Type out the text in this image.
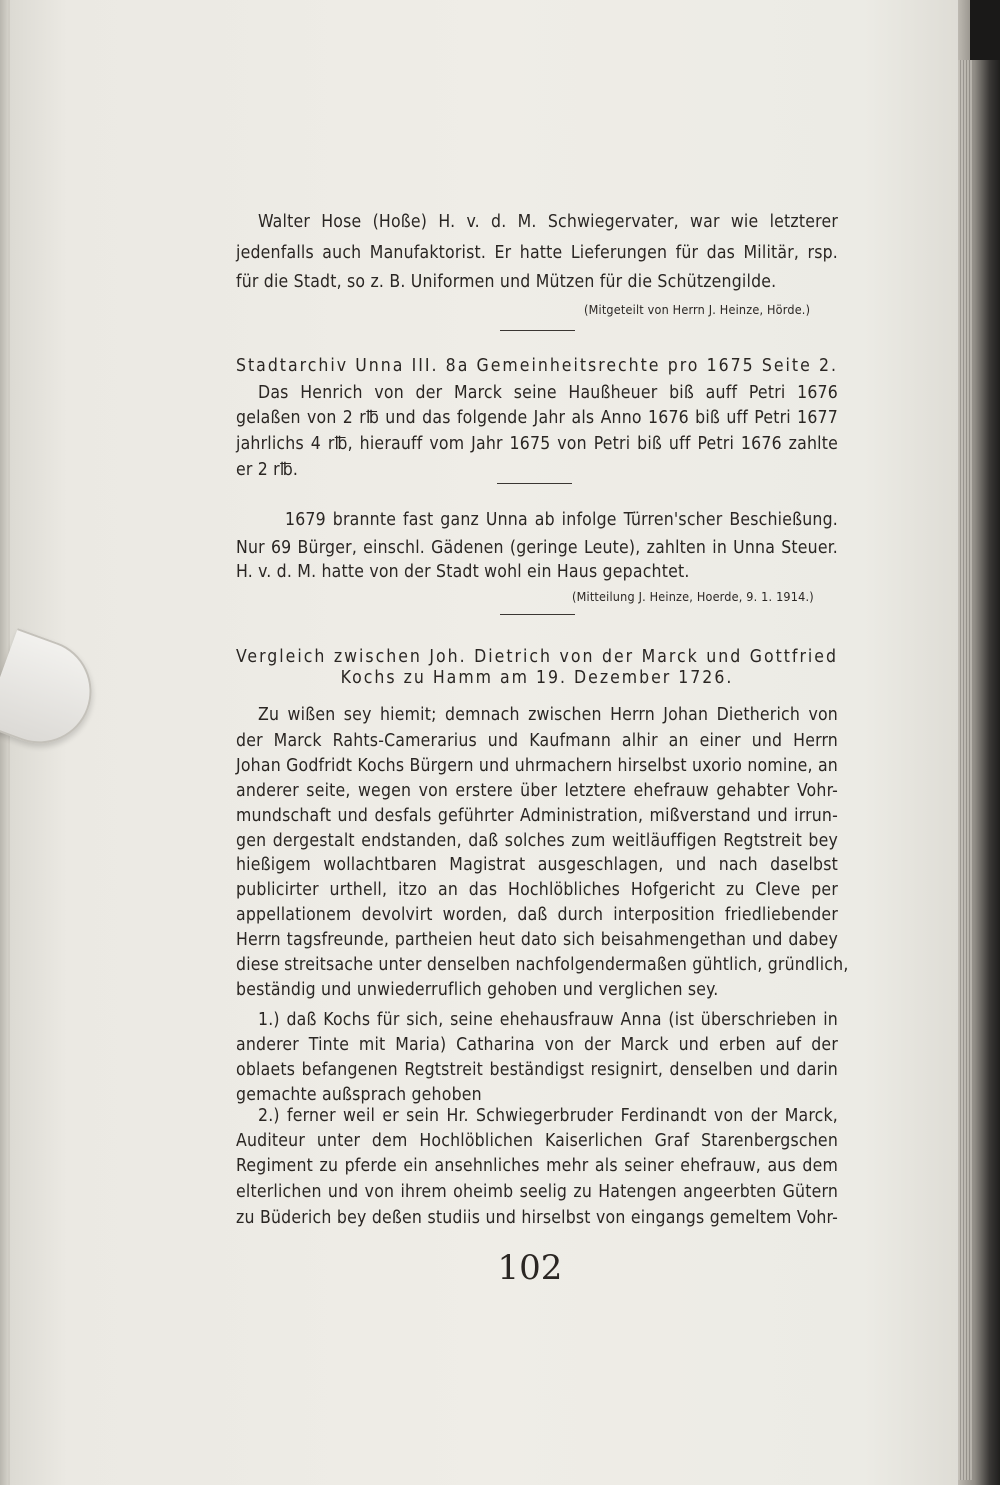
Walter Hose (Hoße) H. v. d. M. Schwiegervater, war wie letzterer
jedenfalls auch Manufaktorist. Er hatte Lieferungen für das Militär, rsp.
für die Stadt, so z. B. Uniformen und Mützen für die Schützengilde.
(Mitgeteilt von Herrn J. Heinze, Hörde.)
Stadtarchiv Unna III. 8a Gemeinheitsrechte pro 1675 Seite 2.
Das Henrich von der Marck seine Haußheuer biß auff Petri 1676
gelaßen von 2 r℔ und das folgende Jahr als Anno 1676 biß uff Petri 1677
jahrlichs 4 r℔, hierauff vom Jahr 1675 von Petri biß uff Petri 1676 zahlte
er 2 r℔.
1679 brannte fast ganz Unna ab infolge Türren'scher Beschießung.
Nur 69 Bürger, einschl. Gädenen (geringe Leute), zahlten in Unna Steuer.
H. v. d. M. hatte von der Stadt wohl ein Haus gepachtet.
(Mitteilung J. Heinze, Hoerde, 9. 1. 1914.)
Vergleich zwischen Joh. Dietrich von der Marck und Gottfried
Kochs zu Hamm am 19. Dezember 1726.
Zu wißen sey hiemit; demnach zwischen Herrn Johan Dietherich von
der Marck Rahts-Camerarius und Kaufmann alhir an einer und Herrn
Johan Godfridt Kochs Bürgern und uhrmachern hirselbst uxorio nomine, an
anderer seite, wegen von erstere über letztere ehefrauw gehabter Vohr-
mundschaft und desfals geführter Administration, mißverstand und irrun-
gen dergestalt endstanden, daß solches zum weitläuffigen Regtstreit bey
hießigem wollachtbaren Magistrat ausgeschlagen, und nach daselbst
publicirter urthell, itzo an das Hochlöbliches Hofgericht zu Cleve per
appellationem devolvirt worden, daß durch interposition friedliebender
Herrn tagsfreunde, partheien heut dato sich beisahmengethan und dabey
diese streitsache unter denselben nachfolgendermaßen gühtlich, gründlich,
beständig und unwiederruflich gehoben und verglichen sey.
1.) daß Kochs für sich, seine ehehausfrauw Anna (ist überschrieben in
anderer Tinte mit Maria) Catharina von der Marck und erben auf der
oblaets befangenen Regtstreit beständigst resignirt, denselben und darin
gemachte außsprach gehoben
2.) ferner weil er sein Hr. Schwiegerbruder Ferdinandt von der Marck,
Auditeur unter dem Hochlöblichen Kaiserlichen Graf Starenbergschen
Regiment zu pferde ein ansehnliches mehr als seiner ehefrauw, aus dem
elterlichen und von ihrem oheimb seelig zu Hatengen angeerbten Gütern
zu Büderich bey deßen studiis und hirselbst von eingangs gemeltem Vohr-
102
